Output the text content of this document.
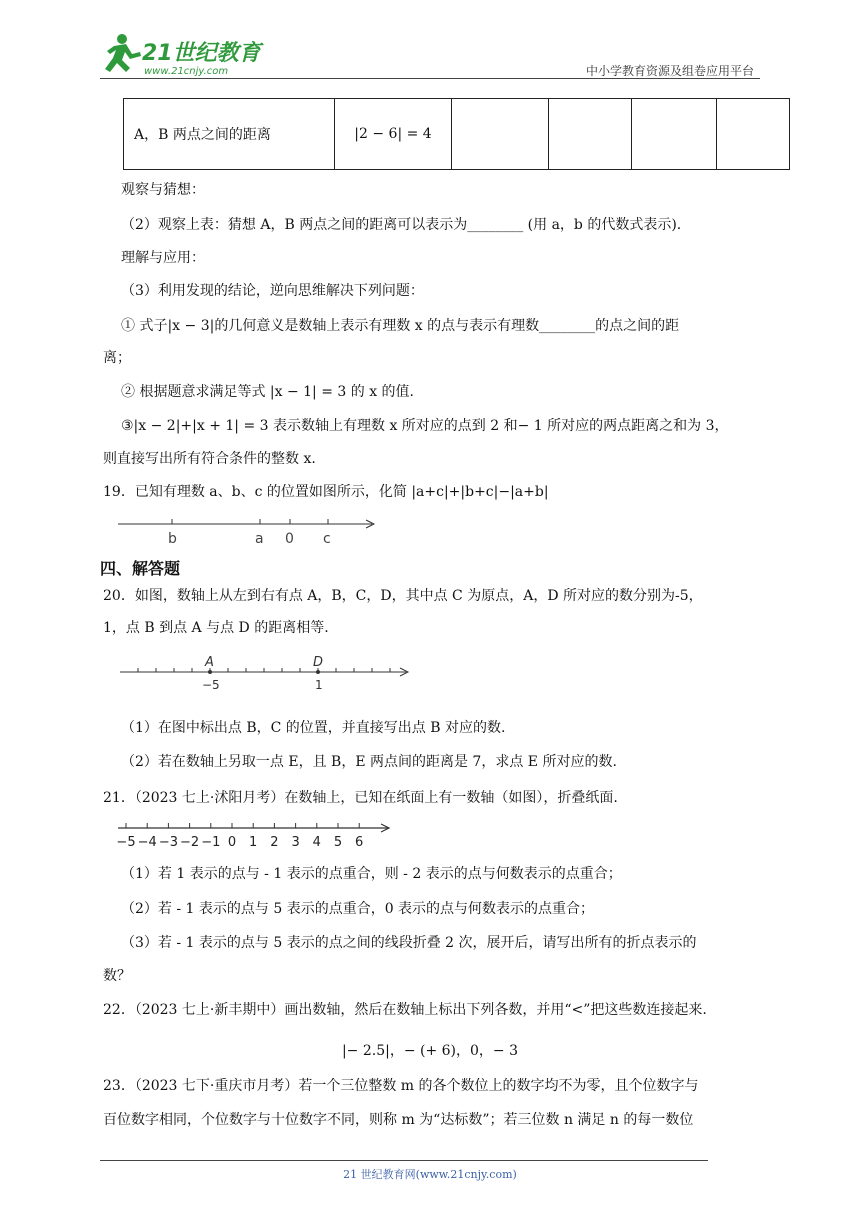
21世纪教育
www.21cnjy.com	中小学教育资源及组卷应用平台
A，B 两点之间的距离	|2 − 6| = 4				
观察与猜想：
（2）观察上表：猜想 A，B 两点之间的距离可以表示为________ (用 a，b 的代数式表示).
理解与应用：
（3）利用发现的结论，逆向思维解决下列问题：
① 式子|x − 3|的几何意义是数轴上表示有理数 x 的点与表示有理数________的点之间的距
离；
② 根据题意求满足等式 |x − 1| = 3 的 x 的值.
③|x − 2|+|x + 1| = 3 表示数轴上有理数 x 所对应的点到 2 和− 1 所对应的两点距离之和为 3，
则直接写出所有符合条件的整数 x.
19．已知有理数 a、b、c 的位置如图所示，化简 |a+c|+|b+c|−|a+b|
b	a 0 c
四、解答题
20．如图，数轴上从左到右有点 A，B，C，D，其中点 C 为原点，A，D 所对应的数分别为-5，
1，点 B 到点 A 与点 D 的距离相等.
A	D
−5	1
（1）在图中标出点 B，C 的位置，并直接写出点 B 对应的数.
（2）若在数轴上另取一点 E，且 B，E 两点间的距离是 7，求点 E 所对应的数.
21．（2023 七上·沭阳月考）在数轴上，已知在纸面上有一数轴（如图），折叠纸面.
−5 −4 −3 −2 −1 0 1 2 3 4 5 6
（1）若 1 表示的点与 - 1 表示的点重合，则 - 2 表示的点与何数表示的点重合；
（2）若 - 1 表示的点与 5 表示的点重合，0 表示的点与何数表示的点重合；
（3）若 - 1 表示的点与 5 表示的点之间的线段折叠 2 次，展开后，请写出所有的折点表示的
数？
22．（2023 七上·新丰期中）画出数轴，然后在数轴上标出下列各数，并用“<”把这些数连接起来.
|− 2.5|，− (+ 6)，0，− 3
23．（2023 七下·重庆市月考）若一个三位整数 m 的各个数位上的数字均不为零，且个位数字与
百位数字相同，个位数字与十位数字不同，则称 m 为“达标数”；若三位数 n 满足 n 的每一数位
21 世纪教育网(www.21cnjy.com)
